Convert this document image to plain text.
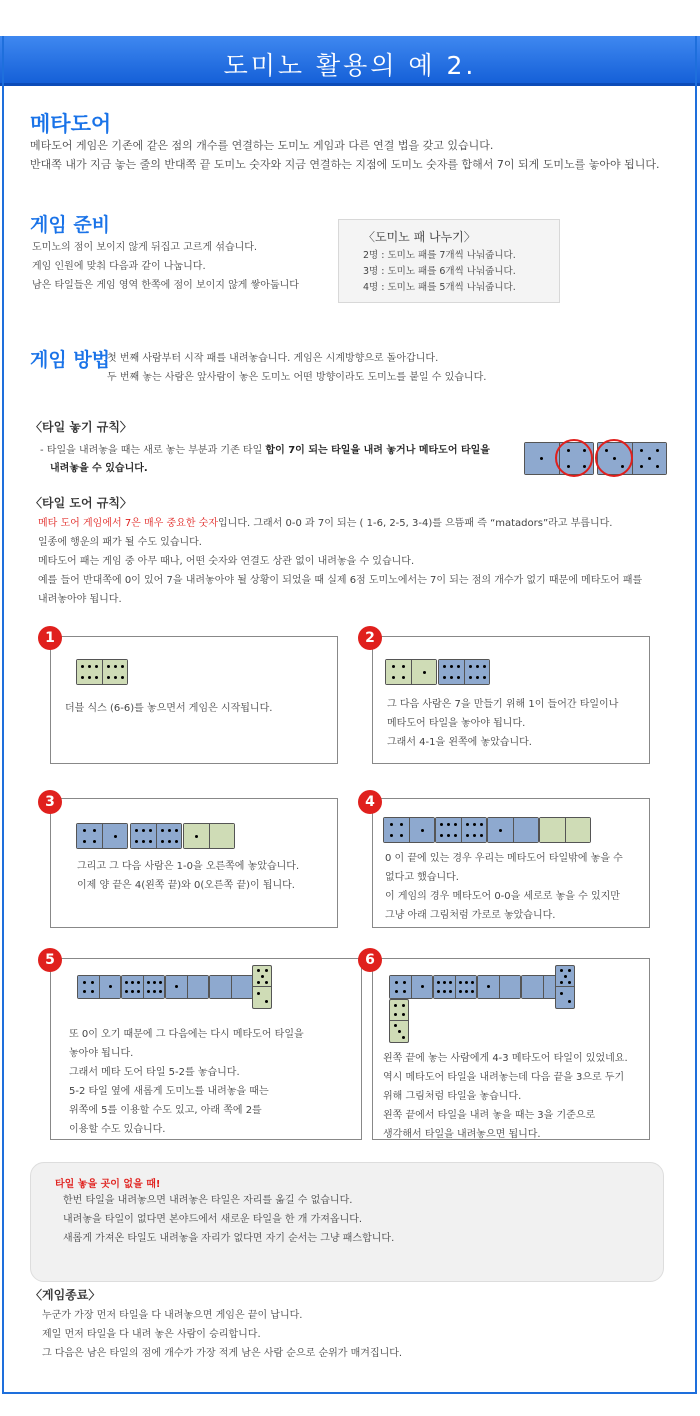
도미노 활용의 예 2.
메타도어
메타도어 게임은 기존에 같은 점의 개수를 연결하는 도미노 게임과 다른 연결 법을 갖고 있습니다.
반대쪽 내가 지금 놓는 줄의 반대쪽 끝 도미노 숫자와 지금 연결하는 지점에 도미노 숫자를 합해서 7이 되게 도미노를 놓아야 됩니다.
게임 준비
도미노의 점이 보이지 않게 뒤집고 고르게 섞습니다.
게임 인원에 맞춰 다음과 같이 나눕니다.
남은 타일들은 게임 영역 한쪽에 점이 보이지 않게 쌓아둡니다
〈도미노 패 나누기〉
2명 : 도미노 패를 7개씩 나눠줍니다.
3명 : 도미노 패를 6개씩 나눠줍니다.
4명 : 도미노 패를 5개씩 나눠줍니다.
게임 방법
첫 번째 사람부터 시작 패를 내려놓습니다. 게임은 시계방향으로 돌아갑니다.
두 번째 놓는 사람은 앞사람이 놓은 도미노 어떤 방향이라도 도미노를 붙일 수 있습니다.
〈타일 놓기 규칙〉
- 타일을 내려놓을 때는 새로 놓는 부분과 기존 타일 합이 7이 되는 타일을 내려 놓거나 메타도어 타일을
내려놓을 수 있습니다.
〈타일 도어 규칙〉
메타 도어 게임에서 7은 매우 중요한 숫자입니다. 그래서 0-0 과 7이 되는 ( 1-6, 2-5, 3-4)를 으뜸패 즉 “matadors”라고 부릅니다.
일종에 행운의 패가 될 수도 있습니다.
메타도어 패는 게임 중 아무 때나, 어떤 숫자와 연결도 상관 없이 내려놓을 수 있습니다.
예를 들어 반대쪽에 0이 있어 7을 내려놓아야 될 상황이 되었을 때 실제 6점 도미노에서는 7이 되는 점의 개수가 없기 때문에 메타도어 패를
내려놓아야 됩니다.
더블 식스 (6-6)를 놓으면서 게임은 시작됩니다.
1
그 다음 사람은 7을 만들기 위해 1이 들어간 타일이나
메타도어 타일을 놓아야 됩니다.
그래서 4-1을 왼쪽에 놓았습니다.
2
그리고 그 다음 사람은 1-0을 오른쪽에 놓았습니다.
이제 양 끝은 4(왼쪽 끝)와 0(오른쪽 끝)이 됩니다.
3
0 이 끝에 있는 경우 우리는 메타도어 타일밖에 놓을 수
없다고 했습니다.
이 게임의 경우 메타도어 0-0을 세로로 놓을 수 있지만
그냥 아래 그림처럼 가로로 놓았습니다.
4
또 0이 오기 때문에 그 다음에는 다시 메타도어 타일을
놓아야 됩니다.
그래서 메타 도어 타일 5-2를 놓습니다.
5-2 타일 옆에 새롭게 도미노를 내려놓을 때는
위쪽에 5를 이용할 수도 있고, 아래 쪽에 2를
이용할 수도 있습니다.
5
왼쪽 끝에 놓는 사람에게 4-3 메타도어 타일이 있었네요.
역시 메타도어 타일을 내려놓는데 다음 끝을 3으로 두기
위해 그림처럼 타일을 놓습니다.
왼쪽 끝에서 타일을 내려 놓을 때는 3을 기준으로
생각해서 타일을 내려놓으면 됩니다.
6
타일 놓을 곳이 없을 때!
한번 타일을 내려놓으면 내려놓은 타일은 자리를 옮길 수 없습니다.
내려놓을 타일이 없다면 본야드에서 새로운 타일을 한 개 가져옵니다.
새롭게 가져온 타일도 내려놓을 자리가 없다면 자기 순서는 그냥 패스합니다.
〈게임종료〉
누군가 가장 먼저 타일을 다 내려놓으면 게임은 끝이 납니다.
제일 먼저 타일을 다 내려 놓은 사람이 승리합니다.
그 다음은 남은 타일의 점에 개수가 가장 적게 남은 사람 순으로 순위가 매겨집니다.
